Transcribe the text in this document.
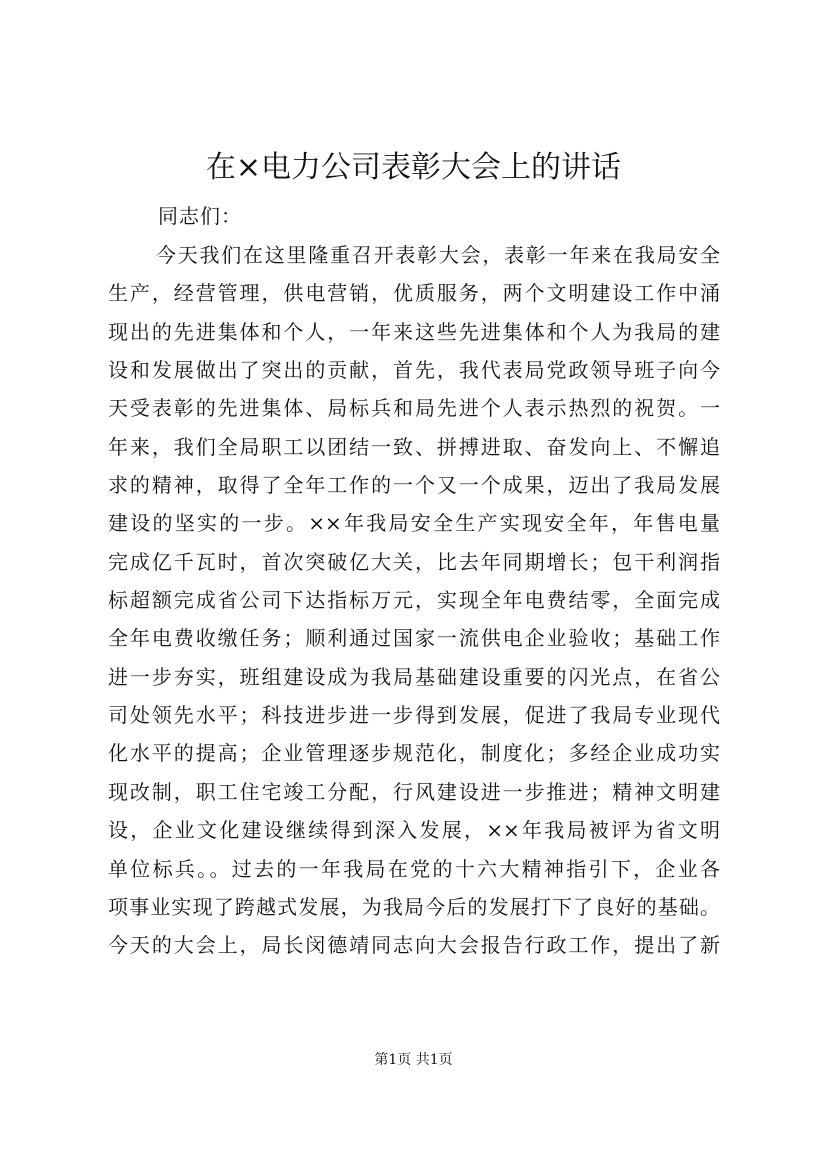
在×电力公司表彰大会上的讲话

同志们：

今天我们在这里隆重召开表彰大会，表彰一年来在我局安全
生产，经营管理，供电营销，优质服务，两个文明建设工作中涌
现出的先进集体和个人，一年来这些先进集体和个人为我局的建
设和发展做出了突出的贡献，首先，我代表局党政领导班子向今
天受表彰的先进集体、局标兵和局先进个人表示热烈的祝贺。一
年来，我们全局职工以团结一致、拼搏进取、奋发向上、不懈追
求的精神，取得了全年工作的一个又一个成果，迈出了我局发展
建设的坚实的一步。××年我局安全生产实现安全年，年售电量
完成亿千瓦时，首次突破亿大关，比去年同期增长；包干利润指
标超额完成省公司下达指标万元，实现全年电费结零，全面完成
全年电费收缴任务；顺利通过国家一流供电企业验收；基础工作
进一步夯实，班组建设成为我局基础建设重要的闪光点，在省公
司处领先水平；科技进步进一步得到发展，促进了我局专业现代
化水平的提高；企业管理逐步规范化，制度化；多经企业成功实
现改制，职工住宅竣工分配，行风建设进一步推进；精神文明建
设，企业文化建设继续得到深入发展，××年我局被评为省文明
单位标兵。。过去的一年我局在党的十六大精神指引下，企业各
项事业实现了跨越式发展，为我局今后的发展打下了良好的基础。
今天的大会上，局长闵德靖同志向大会报告行政工作，提出了新

第1页 共1页
